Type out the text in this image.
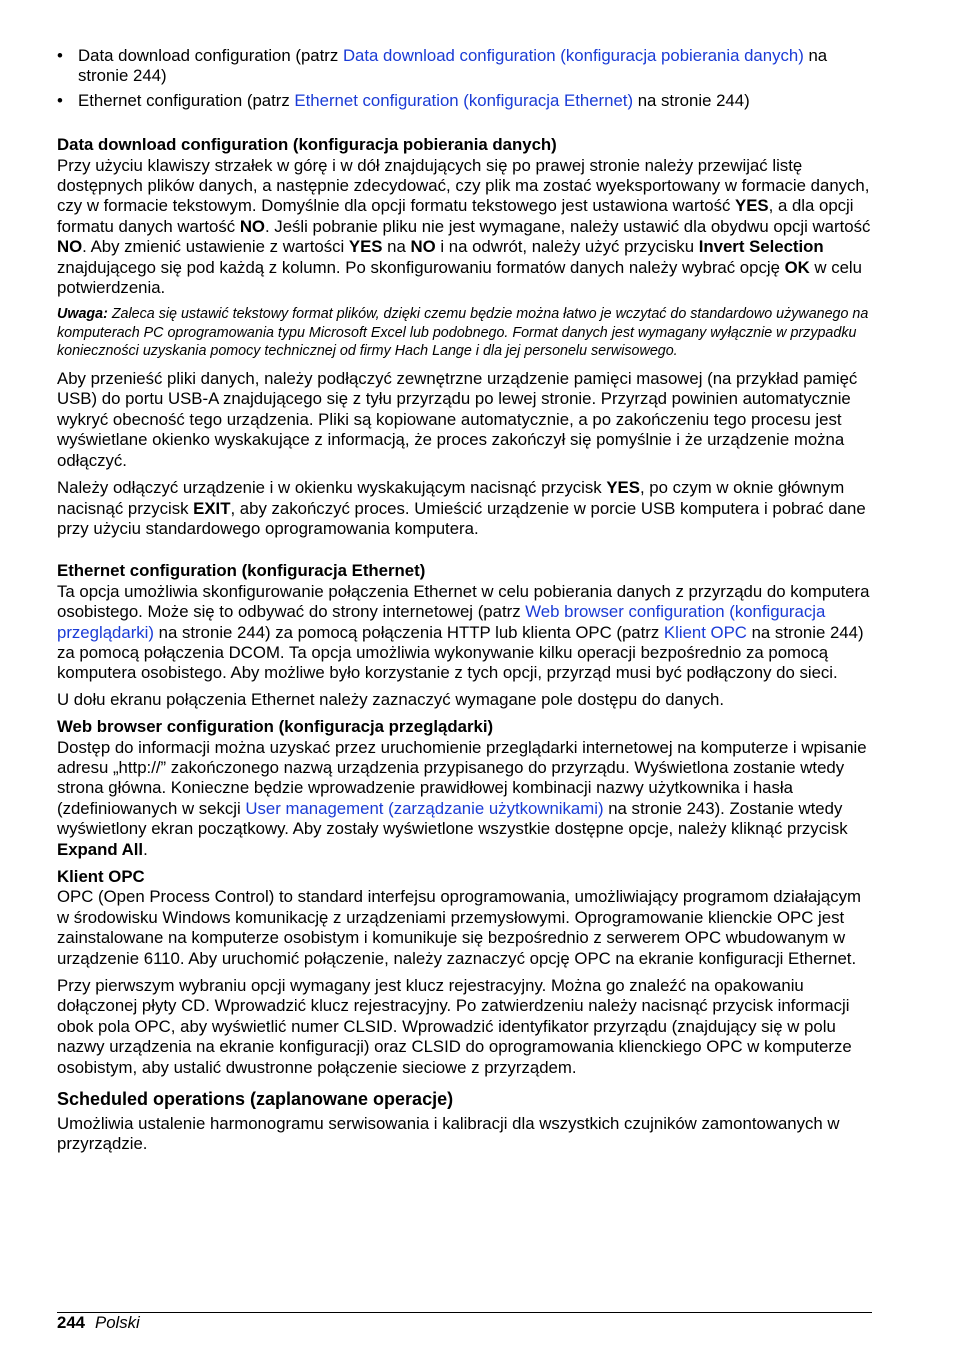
• Data download configuration (patrz Data download configuration (konfiguracja pobierania danych) na stronie 244)
• Ethernet configuration (patrz Ethernet configuration (konfiguracja Ethernet) na stronie 244)
Data download configuration (konfiguracja pobierania danych)

Przy użyciu klawiszy strzałek w górę i w dół znajdujących się po prawej stronie należy przewijać listę dostępnych plików danych, a następnie zdecydować, czy plik ma zostać wyeksportowany w formacie danych, czy w formacie tekstowym. Domyślnie dla opcji formatu tekstowego jest ustawiona wartość YES, a dla opcji formatu danych wartość NO. Jeśli pobranie pliku nie jest wymagane, należy ustawić dla obydwu opcji wartość NO. Aby zmienić ustawienie z wartości YES na NO i na odwrót, należy użyć przycisku Invert Selection znajdującego się pod każdą z kolumn. Po skonfigurowaniu formatów danych należy wybrać opcję OK w celu potwierdzenia.

Uwaga: Zaleca się ustawić tekstowy format plików, dzięki czemu będzie można łatwo je wczytać do standardowo używanego na komputerach PC oprogramowania typu Microsoft Excel lub podobnego. Format danych jest wymagany wyłącznie w przypadku konieczności uzyskania pomocy technicznej od firmy Hach Lange i dla jej personelu serwisowego.

Aby przenieść pliki danych, należy podłączyć zewnętrzne urządzenie pamięci masowej (na przykład pamięć USB) do portu USB-A znajdującego się z tyłu przyrządu po lewej stronie. Przyrząd powinien automatycznie wykryć obecność tego urządzenia. Pliki są kopiowane automatycznie, a po zakończeniu tego procesu jest wyświetlane okienko wyskakujące z informacją, że proces zakończył się pomyślnie i że urządzenie można odłączyć.

Należy odłączyć urządzenie i w okienku wyskakującym nacisnąć przycisk YES, po czym w oknie głównym nacisnąć przycisk EXIT, aby zakończyć proces. Umieścić urządzenie w porcie USB komputera i pobrać dane przy użyciu standardowego oprogramowania komputera.

Ethernet configuration (konfiguracja Ethernet)

Ta opcja umożliwia skonfigurowanie połączenia Ethernet w celu pobierania danych z przyrządu do komputera osobistego. Może się to odbywać do strony internetowej (patrz Web browser configuration (konfiguracja przeglądarki) na stronie 244) za pomocą połączenia HTTP lub klienta OPC (patrz Klient OPC na stronie 244) za pomocą połączenia DCOM. Ta opcja umożliwia wykonywanie kilku operacji bezpośrednio za pomocą komputera osobistego. Aby możliwe było korzystanie z tych opcji, przyrząd musi być podłączony do sieci.

U dołu ekranu połączenia Ethernet należy zaznaczyć wymagane pole dostępu do danych.

Web browser configuration (konfiguracja przeglądarki)

Dostęp do informacji można uzyskać przez uruchomienie przeglądarki internetowej na komputerze i wpisanie adresu „http://” zakończonego nazwą urządzenia przypisanego do przyrządu. Wyświetlona zostanie wtedy strona główna. Konieczne będzie wprowadzenie prawidłowej kombinacji nazwy użytkownika i hasła (zdefiniowanych w sekcji User management (zarządzanie użytkownikami) na stronie 243). Zostanie wtedy wyświetlony ekran początkowy. Aby zostały wyświetlone wszystkie dostępne opcje, należy kliknąć przycisk Expand All.

Klient OPC

OPC (Open Process Control) to standard interfejsu oprogramowania, umożliwiający programom działającym w środowisku Windows komunikację z urządzeniami przemysłowymi. Oprogramowanie klienckie OPC jest zainstalowane na komputerze osobistym i komunikuje się bezpośrednio z serwerem OPC wbudowanym w urządzenie 6110. Aby uruchomić połączenie, należy zaznaczyć opcję OPC na ekranie konfiguracji Ethernet.

Przy pierwszym wybraniu opcji wymagany jest klucz rejestracyjny. Można go znaleźć na opakowaniu dołączonej płyty CD. Wprowadzić klucz rejestracyjny. Po zatwierdzeniu należy nacisnąć przycisk informacji obok pola OPC, aby wyświetlić numer CLSID. Wprowadzić identyfikator przyrządu (znajdujący się w polu nazwy urządzenia na ekranie konfiguracji) oraz CLSID do oprogramowania klienckiego OPC w komputerze osobistym, aby ustalić dwustronne połączenie sieciowe z przyrządem.

Scheduled operations (zaplanowane operacje)

Umożliwia ustalenie harmonogramu serwisowania i kalibracji dla wszystkich czujników zamontowanych w przyrządzie.

244 Polski
